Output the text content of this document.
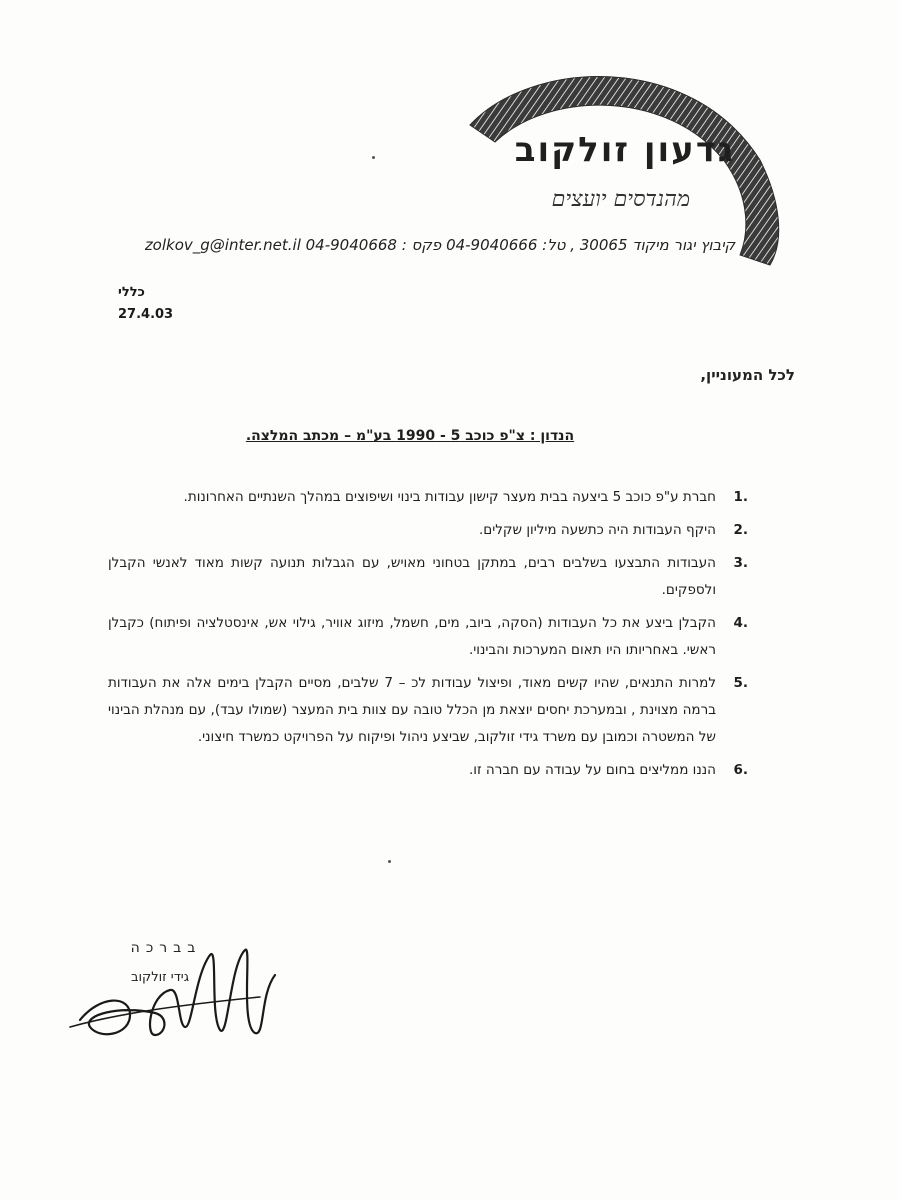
גדעון זולקוב
מהנדסים יועצים
קיבוץ יגור מיקוד 30065 , טל: 04-9040666 פקס : 04-9040668 zolkov_g@inter.net.il
כללי
27.4.03
לכל המעוניין,
הנדון : צ"פ כוכב 5 - 1990 בע"מ – מכתב המלצה.
.1
חברת ע"פ כוכב 5 ביצעה בבית מעצר קישון עבודות בינוי ושיפוצים במהלך השנתיים האחרונות.
.2
היקף העבודות היה כתשעה מיליון שקלים.
.3
העבודות התבצעו בשלבים רבים, במתקן בטחוני מאויש, עם הגבלות תנועה קשות מאוד לאנשי הקבלן ולספקים.
.4
הקבלן ביצע את כל העבודות (הסקה, ביוב, מים, חשמל, מיזוג אוויר, גילוי אש, אינסטלציה ופיתוח) כקבלן ראשי. באחריותו היו תאום המערכות והבינוי.
.5
למרות התנאים, שהיו קשים מאוד, ופיצול עבודות לכ – 7 שלבים, מסיים הקבלן בימים אלה את העבודות ברמה מצוינת , ובמערכת יחסים יוצאת מן הכלל טובה עם צוות בית המעצר (שמולו עבד), עם מנהלת הבינוי של המשטרה וכמובן עם משרד גידי זולקוב, שביצע ניהול ופיקוח על הפרויקט כמשרד חיצוני.
.6
הננו ממליצים בחום על עבודה עם חברה זו.
בברכה
גידי זולקוב
